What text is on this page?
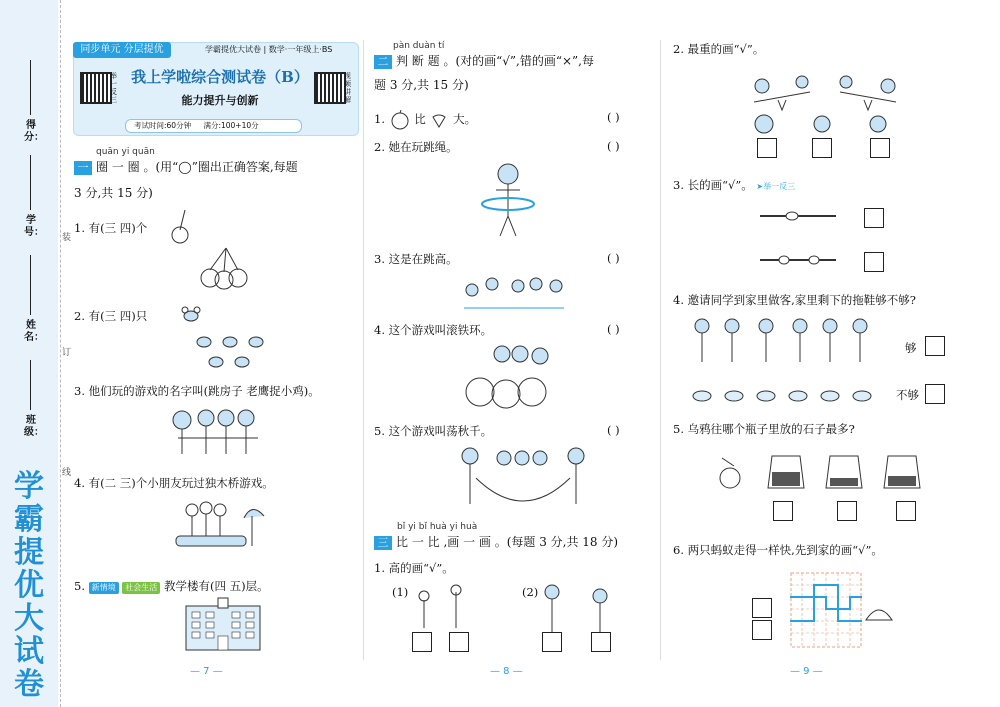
得分：
学号：
姓名：
班级：
学霸提优大试卷
装
订
线
同步单元 分层提优	学霸提优大试卷 | 数学·一年级上·BS
举一反三
我上学啦综合测试卷（B）
能力提升与创新
视频讲解
考试时间:60分钟 满分:100+10分
quān yi quān
一 圈 一 圈 。(用“◯”圈出正确答案,每题
3 分,共 15 分)
1. 有(三 四)个
2. 有(三 四)只
3. 他们玩的游戏的名字叫(跳房子 老鹰捉小鸡)。
4. 有(二 三)个小朋友玩过独木桥游戏。
5. 新情境 社会生活 教学楼有(四 五)层。
— 7 —
pàn duàn tí
二 判 断 题 。(对的画“√”,错的画“×”,每
题 3 分,共 15 分)
1.	比 大。	( )
2. 她在玩跳绳。	( )
3. 这是在跳高。	( )
4. 这个游戏叫滚铁环。	( )
5. 这个游戏叫荡秋千。	( )
bǐ yi bǐ huà yi huà
三 比 一 比 ,画 一 画 。(每题 3 分,共 18 分)
1. 高的画“√”。
(1)	(2)
— 8 —
2. 最重的画“√”。
3. 长的画“√”。 ➤举一反三
4. 邀请同学到家里做客,家里剩下的拖鞋够不够?
够
不够
5. 乌鸦往哪个瓶子里放的石子最多?
6. 两只蚂蚁走得一样快,先到家的画“√”。
— 9 —
